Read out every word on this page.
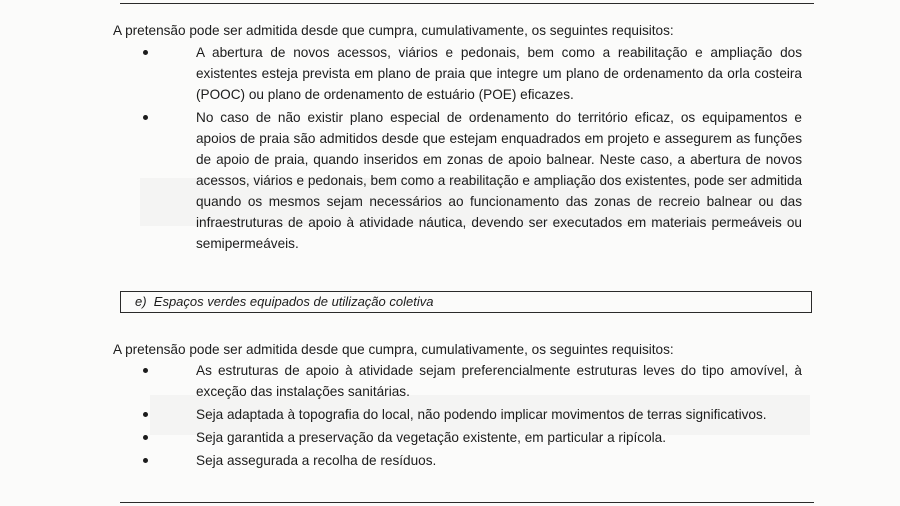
A pretensão pode ser admitida desde que cumpra, cumulativamente, os seguintes requisitos:
A abertura de novos acessos, viários e pedonais, bem como a reabilitação e ampliação dos existentes esteja prevista em plano de praia que integre um plano de ordenamento da orla costeira (POOC) ou plano de ordenamento de estuário (POE) eficazes.
No caso de não existir plano especial de ordenamento do território eficaz, os equipamentos e apoios de praia são admitidos desde que estejam enquadrados em projeto e assegurem as funções de apoio de praia, quando inseridos em zonas de apoio balnear. Neste caso, a abertura de novos acessos, viários e pedonais, bem como a reabilitação e ampliação dos existentes, pode ser admitida quando os mesmos sejam necessários ao funcionamento das zonas de recreio balnear ou das infraestruturas de apoio à atividade náutica, devendo ser executados em materiais permeáveis ou semipermeáveis.
e)  Espaços verdes equipados de utilização coletiva
A pretensão pode ser admitida desde que cumpra, cumulativamente, os seguintes requisitos:
As estruturas de apoio à atividade sejam preferencialmente estruturas leves do tipo amovível, à exceção das instalações sanitárias.
Seja adaptada à topografia do local, não podendo implicar movimentos de terras significativos.
Seja garantida a preservação da vegetação existente, em particular a ripícola.
Seja assegurada a recolha de resíduos.
